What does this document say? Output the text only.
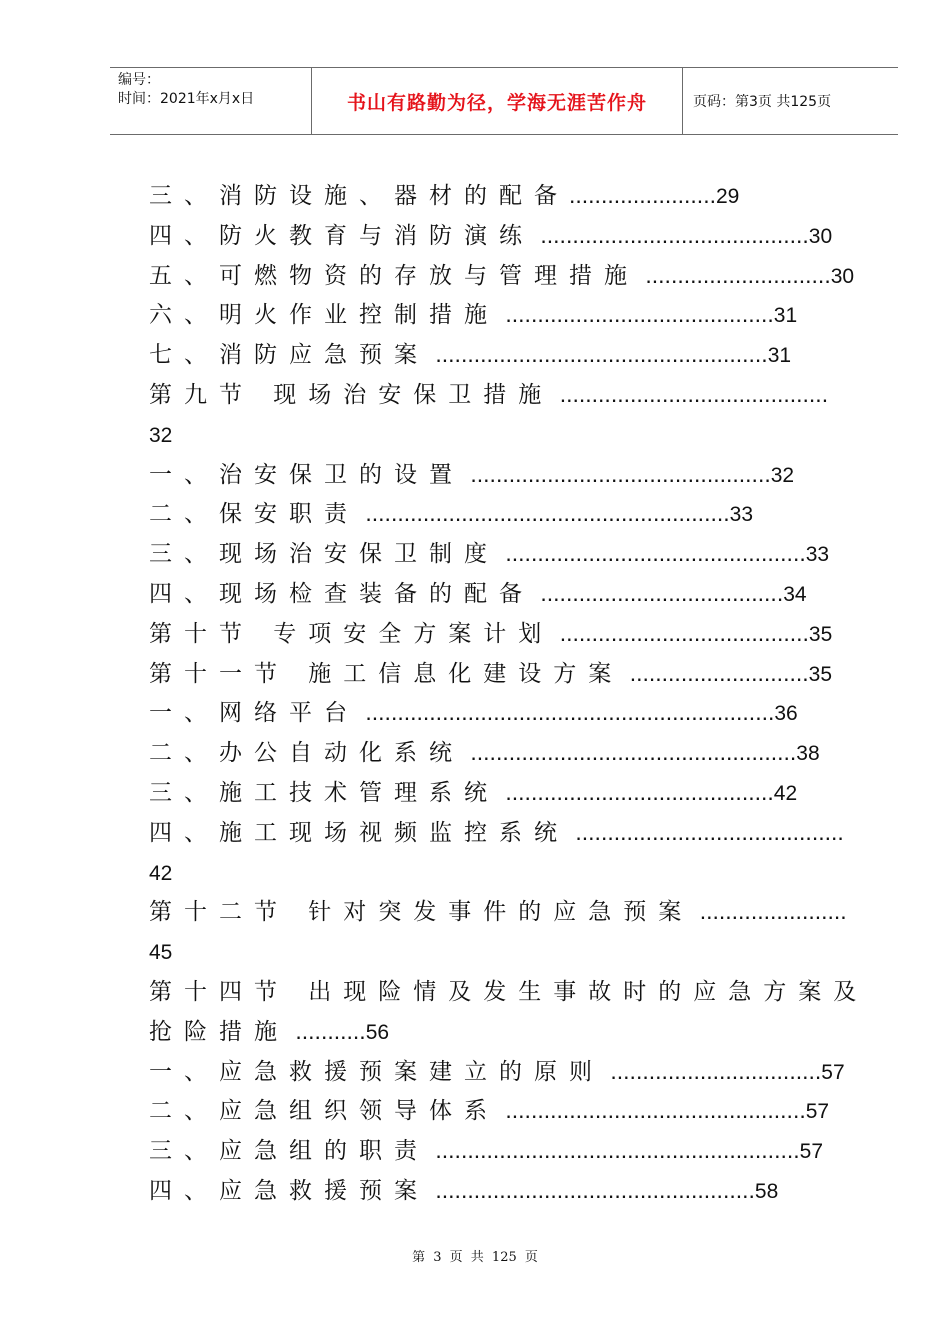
编号：
时间：2021年x月x日	书山有路勤为径，学海无涯苦作舟	页码：第3页 共125页
三、消防设施、器材的配备.......................29
四、防火教育与消防演练 ..........................................30
五、可燃物资的存放与管理措施 .............................30
六、明火作业控制措施 ..........................................31
七、消防应急预案 ....................................................31
第九节 现场治安保卫措施 ..........................................
32
一、治安保卫的设置 ...............................................32
二、保安职责 .........................................................33
三、现场治安保卫制度 ...............................................33
四、现场检查装备的配备 ......................................34
第十节 专项安全方案计划 .......................................35
第十一节 施工信息化建设方案 ............................35
一、网络平台 ................................................................36
二、办公自动化系统 ...................................................38
三、施工技术管理系统 ..........................................42
四、施工现场视频监控系统 ..........................................
42
第十二节 针对突发事件的应急预案 .......................
45
第十四节 出现险情及发生事故时的应急方案及
抢险措施 ...........56
一、应急救援预案建立的原则 .................................57
二、应急组织领导体系 ...............................................57
三、应急组的职责 .........................................................57
四、应急救援预案 ..................................................58
第 3 页 共 125 页
